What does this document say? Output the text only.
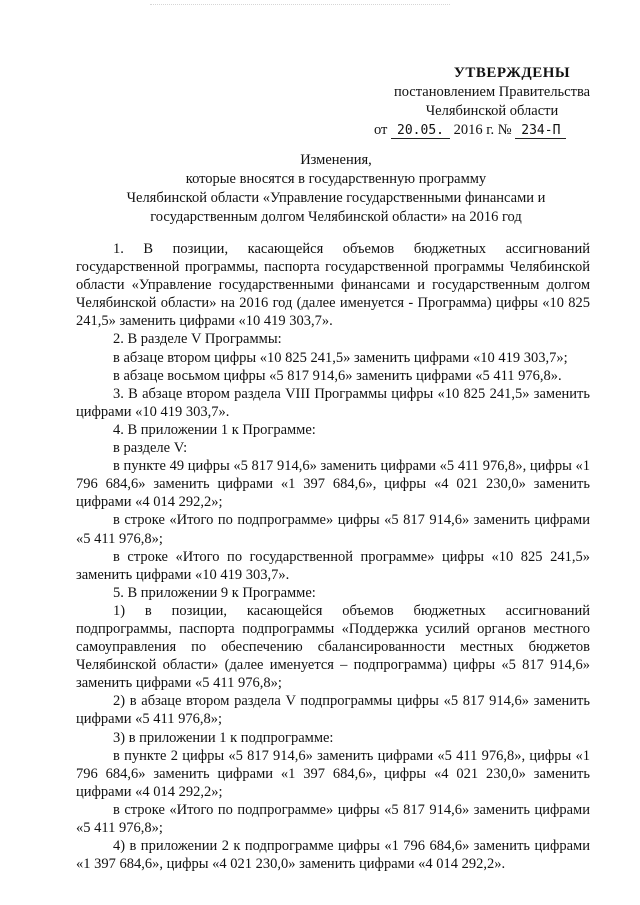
УТВЕРЖДЕНЫ
постановлением Правительства
Челябинской области
от 20.05. 2016 г. № 234-П
Изменения,
которые вносятся в государственную программу
Челябинской области «Управление государственными финансами и
государственным долгом Челябинской области» на 2016 год

1. В позиции, касающейся объемов бюджетных ассигнований государственной программы, паспорта государственной программы Челябинской области «Управление государственными финансами и государственным долгом Челябинской области» на 2016 год (далее именуется - Программа) цифры «10 825 241,5» заменить цифрами «10 419 303,7».

2. В разделе V Программы:

в абзаце втором цифры «10 825 241,5» заменить цифрами «10 419 303,7»;

в абзаце восьмом цифры «5 817 914,6» заменить цифрами «5 411 976,8».

3. В абзаце втором раздела VIII Программы цифры «10 825 241,5» заменить цифрами «10 419 303,7».

4. В приложении 1 к Программе:

в разделе V:

в пункте 49 цифры «5 817 914,6» заменить цифрами «5 411 976,8», цифры «1 796 684,6» заменить цифрами «1 397 684,6», цифры «4 021 230,0» заменить цифрами «4 014 292,2»;

в строке «Итого по подпрограмме» цифры «5 817 914,6» заменить цифрами «5 411 976,8»;

в строке «Итого по государственной программе» цифры «10 825 241,5» заменить цифрами «10 419 303,7».

5. В приложении 9 к Программе:

1) в позиции, касающейся объемов бюджетных ассигнований подпрограммы, паспорта подпрограммы «Поддержка усилий органов местного самоуправления по обеспечению сбалансированности местных бюджетов Челябинской области» (далее именуется – подпрограмма) цифры «5 817 914,6» заменить цифрами «5 411 976,8»;

2) в абзаце втором раздела V подпрограммы цифры «5 817 914,6» заменить цифрами «5 411 976,8»;

3) в приложении 1 к подпрограмме:

в пункте 2 цифры «5 817 914,6» заменить цифрами «5 411 976,8», цифры «1 796 684,6» заменить цифрами «1 397 684,6», цифры «4 021 230,0» заменить цифрами «4 014 292,2»;

в строке «Итого по подпрограмме» цифры «5 817 914,6» заменить цифрами «5 411 976,8»;

4) в приложении 2 к подпрограмме цифры «1 796 684,6» заменить цифрами «1 397 684,6», цифры «4 021 230,0» заменить цифрами «4 014 292,2».
